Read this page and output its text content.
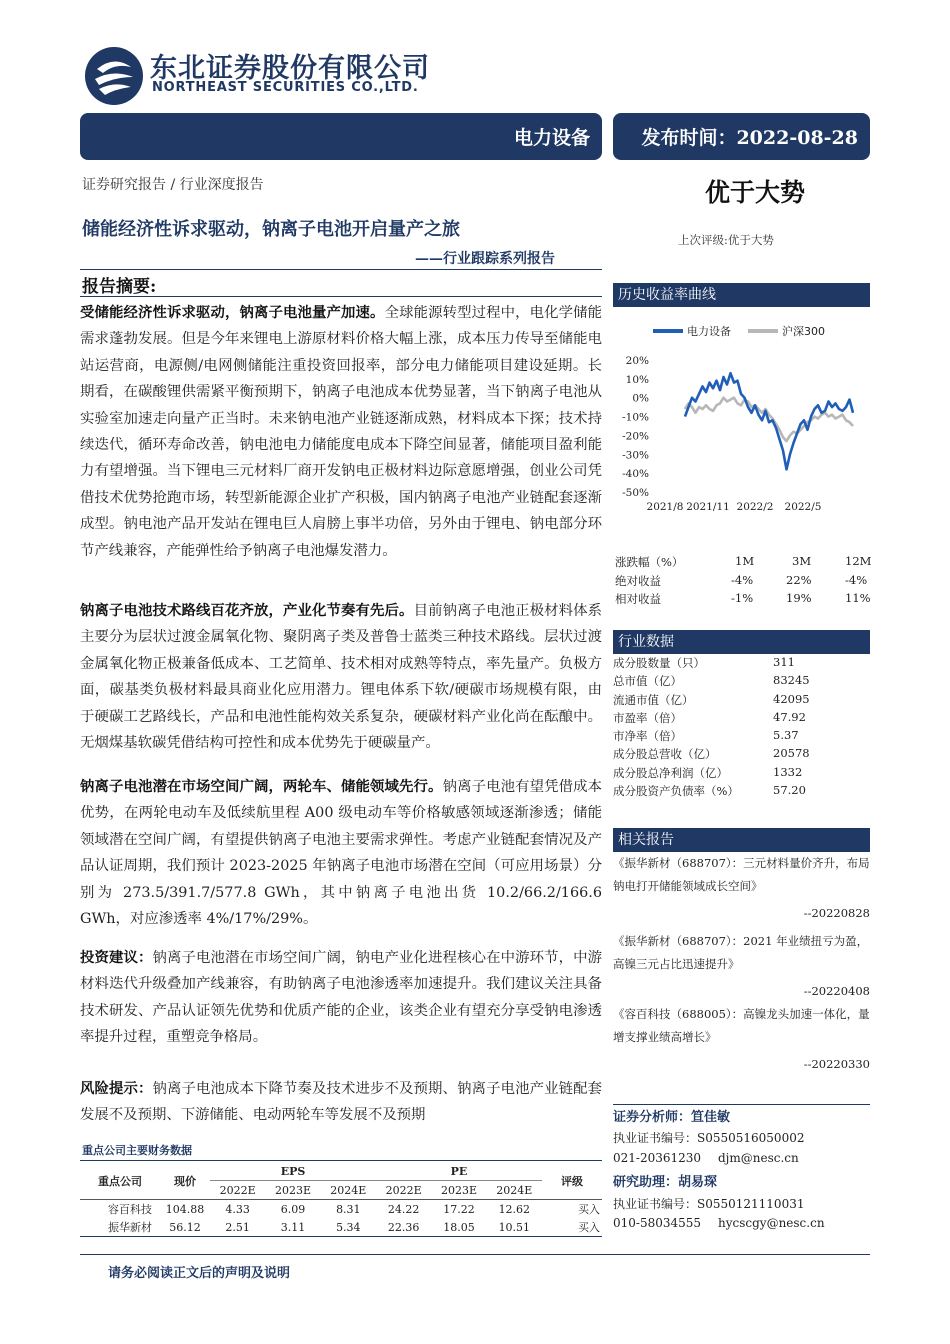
东北证券股份有限公司
NORTHEAST SECURITIES CO.,LTD.
电力设备	发布时间：2022-08-28
证券研究报告 / 行业深度报告	优于大势
储能经济性诉求驱动，钠离子电池开启量产之旅	上次评级:优于大势
——行业跟踪系列报告
报告摘要:
受储能经济性诉求驱动，钠离子电池量产加速。全球能源转型过程中，电化学储能需求蓬勃发展。但是今年来锂电上游原材料价格大幅上涨，成本压力传导至储能电站运营商，电源侧/电网侧储能注重投资回报率，部分电力储能项目建设延期。长期看，在碳酸锂供需紧平衡预期下，钠离子电池成本优势显著，当下钠离子电池从实验室加速走向量产正当时。未来钠电池产业链逐渐成熟，材料成本下探；技术持续迭代，循环寿命改善，钠电池电力储能度电成本下降空间显著，储能项目盈利能力有望增强。当下锂电三元材料厂商开发钠电正极材料边际意愿增强，创业公司凭借技术优势抢跑市场，转型新能源企业扩产积极，国内钠离子电池产业链配套逐渐成型。钠电池产品开发站在锂电巨人肩膀上事半功倍，另外由于锂电、钠电部分环节产线兼容，产能弹性给予钠离子电池爆发潜力。
钠离子电池技术路线百花齐放，产业化节奏有先后。目前钠离子电池正极材料体系主要分为层状过渡金属氧化物、聚阴离子类及普鲁士蓝类三种技术路线。层状过渡金属氧化物正极兼备低成本、工艺简单、技术相对成熟等特点，率先量产。负极方面，碳基类负极材料最具商业化应用潜力。锂电体系下软/硬碳市场规模有限，由于硬碳工艺路线长，产品和电池性能构效关系复杂，硬碳材料产业化尚在酝酿中。无烟煤基软碳凭借结构可控性和成本优势先于硬碳量产。
钠离子电池潜在市场空间广阔，两轮车、储能领域先行。钠离子电池有望凭借成本优势，在两轮电动车及低续航里程 A00 级电动车等价格敏感领域逐渐渗透；储能领域潜在空间广阔，有望提供钠离子电池主要需求弹性。考虑产业链配套情况及产品认证周期，我们预计 2023-2025 年钠离子电池市场潜在空间（可应用场景）分别为 273.5/391.7/577.8 GWh，其中钠离子电池出货 10.2/66.2/166.6 GWh，对应渗透率 4%/17%/29%。
投资建议：钠离子电池潜在市场空间广阔，钠电产业化进程核心在中游环节，中游材料迭代升级叠加产线兼容，有助钠离子电池渗透率加速提升。我们建议关注具备技术研发、产品认证领先优势和优质产能的企业，该类企业有望充分享受钠电渗透率提升过程，重塑竞争格局。
风险提示：钠离子电池成本下降节奏及技术进步不及预期、钠离子电池产业链配套发展不及预期、下游储能、电动两轮车等发展不及预期
重点公司主要财务数据
重点公司	现价	EPS			PE			评级
		2022E	2023E	2024E	2022E	2023E	2024E	
容百科技	104.88	4.33	6.09	8.31	24.22	17.22	12.62	买入
振华新材	56.12	2.51	3.11	5.34	22.36	18.05	10.51	买入
历史收益率曲线
电力设备	沪深300
20%
10%
0%
-10%
-20%
-30%
-40%
-50%
2021/8 2021/11 2022/2 2022/5
涨跌幅（%）	1M	3M	12M
绝对收益	-4%	22%	-4%
相对收益	-1%	19%	11%
行业数据
成分股数量（只）	311
总市值（亿）	83245
流通市值（亿）	42095
市盈率（倍）	47.92
市净率（倍）	5.37
成分股总营收（亿）	20578
成分股总净利润（亿）	1332
成分股资产负债率（%）	57.20
相关报告
《振华新材（688707）：三元材料量价齐升，布局钠电打开储能领域成长空间》
--20220828
《振华新材（688707）：2021 年业绩扭亏为盈，高镍三元占比迅速提升》
--20220408
《容百科技（688005）：高镍龙头加速一体化，量增支撑业绩高增长》
--20220330
证券分析师：笪佳敏
执业证书编号：S0550516050002
021-20361230 djm@nesc.cn
研究助理：胡易琛
执业证书编号：S0550121110031
010-58034555 hycscgy@nesc.cn
请务必阅读正文后的声明及说明
